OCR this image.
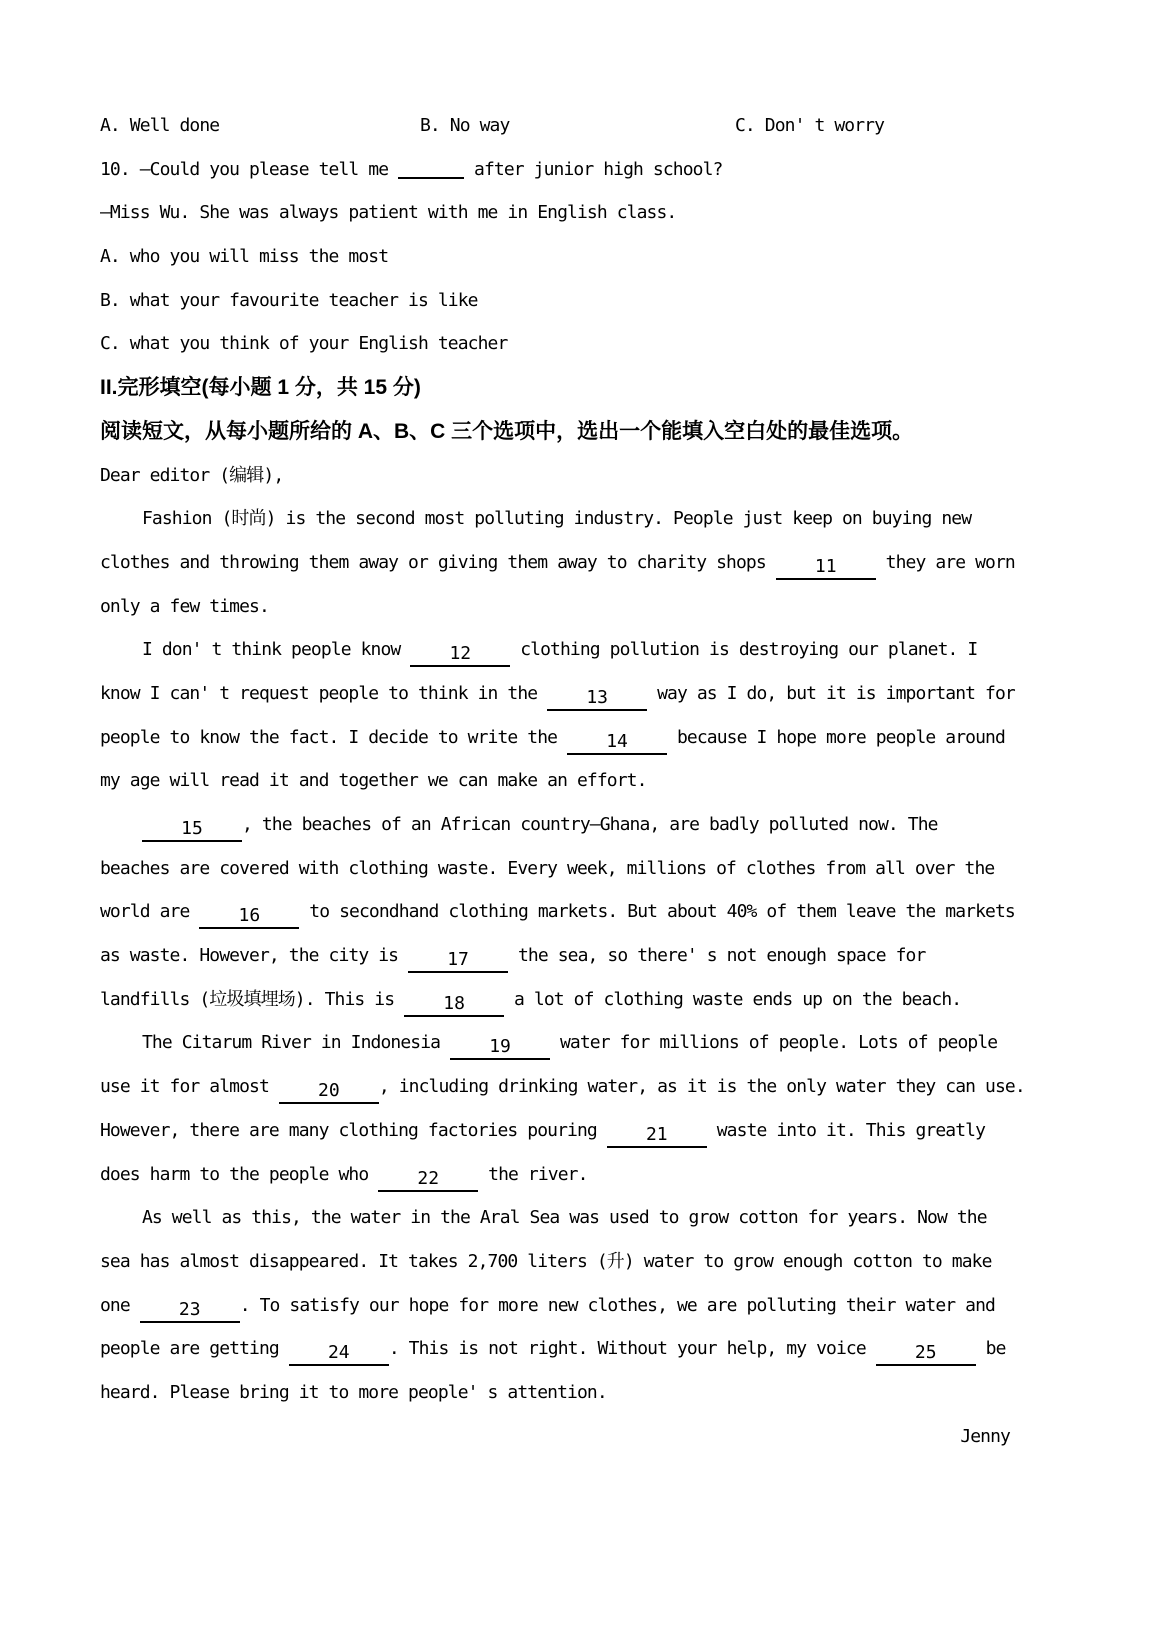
A. Well done	B. No way	C. Don' t worry
10. —Could you please tell me	after junior high school?
—Miss Wu. She was always patient with me in English class.
A. who you will miss the most
B. what your favourite teacher is like
C. what you think of your English teacher
II.完形填空(每小题 1 分，共 15 分)
阅读短文，从每小题所给的 A、B、C 三个选项中，选出一个能填入空白处的最佳选项。
Dear editor (编辑),
Fashion (时尚) is the second most polluting industry. People just keep on buying new
clothes and throwing them away or giving them away to charity shops 11 they are worn
only a few times.
I don' t think people know 12 clothing pollution is destroying our planet. I
know I can' t request people to think in the 13 way as I do, but it is important for
people to know the fact. I decide to write the 14 because I hope more people around
my age will read it and together we can make an effort.
15 , the beaches of an African country—Ghana, are badly polluted now. The
beaches are covered with clothing waste. Every week, millions of clothes from all over the
world are 16 to secondhand clothing markets. But about 40% of them leave the markets
as waste. However, the city is 17 the sea, so there' s not enough space for
landfills (垃圾填埋场). This is 18 a lot of clothing waste ends up on the beach.
The Citarum River in Indonesia 19 water for millions of people. Lots of people
use it for almost 20 , including drinking water, as it is the only water they can use.
However, there are many clothing factories pouring 21 waste into it. This greatly
does harm to the people who 22 the river.
As well as this, the water in the Aral Sea was used to grow cotton for years. Now the
sea has almost disappeared. It takes 2,700 liters (升) water to grow enough cotton to make
one 23 . To satisfy our hope for more new clothes, we are polluting their water and
people are getting 24 . This is not right. Without your help, my voice 25 be
heard. Please bring it to more people' s attention.
Jenny
